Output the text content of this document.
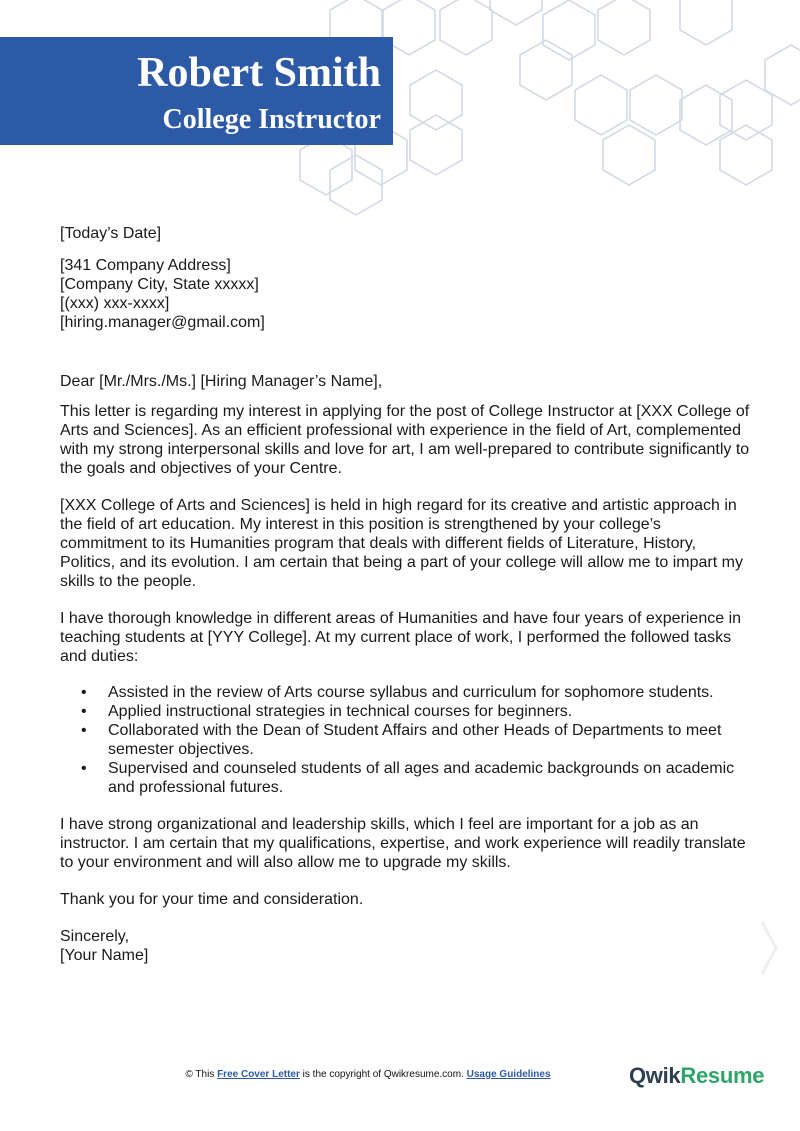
Robert Smith
College Instructor

[Today’s Date]

[341 Company Address]
[Company City, State xxxxx]
[(xxx) xxx-xxxx]
[hiring.manager@gmail.com]

Dear [Mr./Mrs./Ms.] [Hiring Manager’s Name],

This letter is regarding my interest in applying for the post of College Instructor at [XXX College of Arts and Sciences]. As an efficient professional with experience in the field of Art, complemented with my strong interpersonal skills and love for art, I am well-prepared to contribute significantly to the goals and objectives of your Centre.

[XXX College of Arts and Sciences] is held in high regard for its creative and artistic approach in the field of art education. My interest in this position is strengthened by your college’s commitment to its Humanities program that deals with different fields of Literature, History, Politics, and its evolution. I am certain that being a part of your college will allow me to impart my skills to the people.

I have thorough knowledge in different areas of Humanities and have four years of experience in teaching students at [YYY College]. At my current place of work, I performed the followed tasks and duties:

• Assisted in the review of Arts course syllabus and curriculum for sophomore students.
• Applied instructional strategies in technical courses for beginners.
• Collaborated with the Dean of Student Affairs and other Heads of Departments to meet semester objectives.
• Supervised and counseled students of all ages and academic backgrounds on academic and professional futures.

I have strong organizational and leadership skills, which I feel are important for a job as an instructor. I am certain that my qualifications, expertise, and work experience will readily translate to your environment and will also allow me to upgrade my skills.

Thank you for your time and consideration.

Sincerely,
[Your Name]
© This Free Cover Letter is the copyright of Qwikresume.com. Usage Guidelines	QwikResume
